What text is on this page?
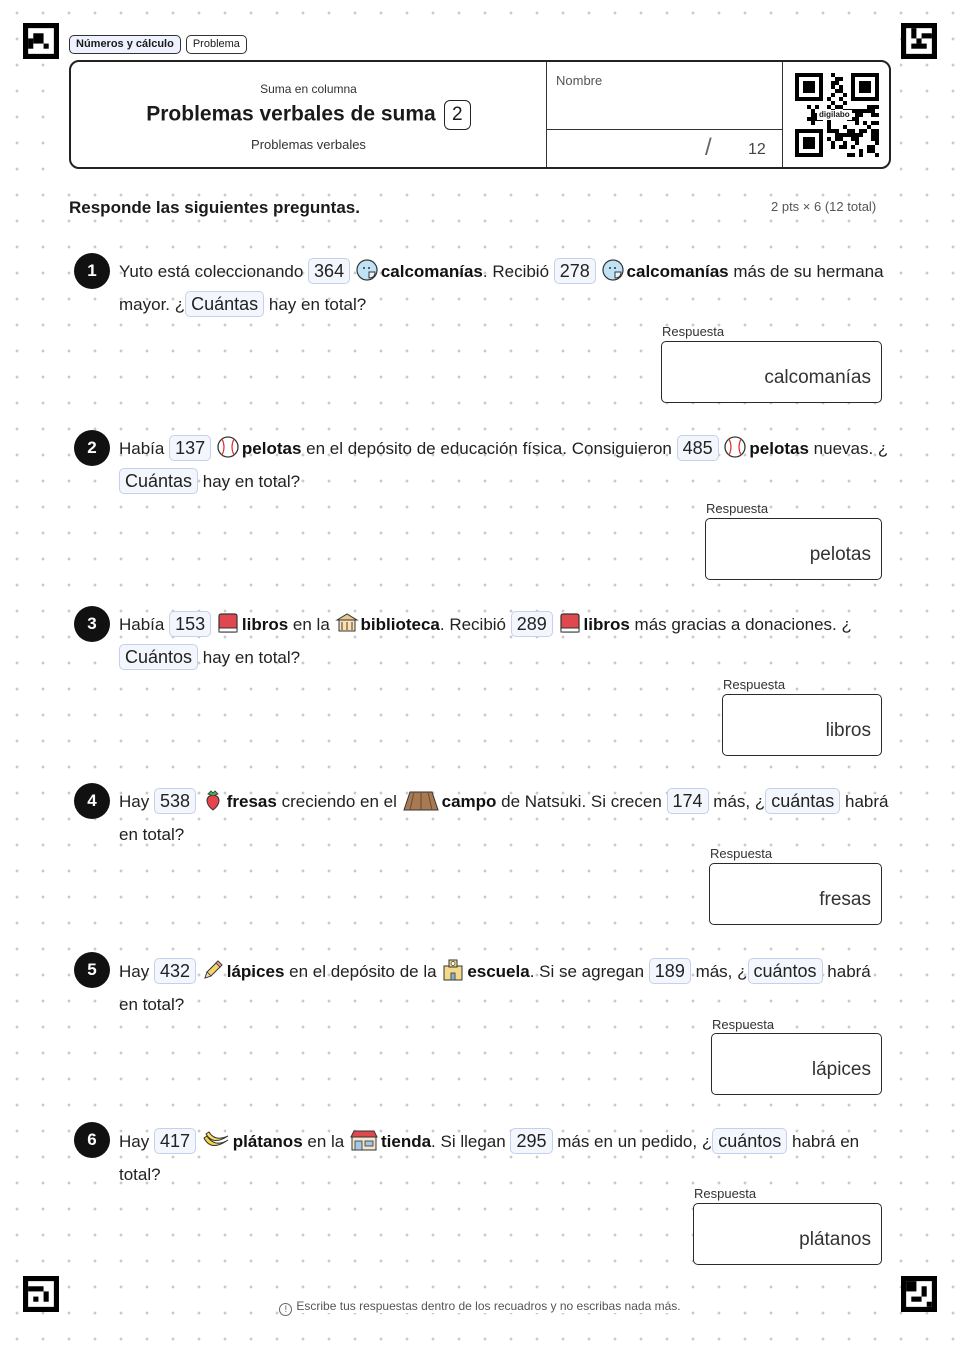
Números y cálculo	Problema
Suma en columna
Problemas verbales de suma 2
Problemas verbales
Nombre
/ 12
digilabo
Responde las siguientes preguntas.	2 pts × 6 (12 total)
1	Yuto está coleccionando 364 calcomanías. Recibió 278 calcomanías más de su hermana mayor. ¿ Cuántas hay en total?
Respuesta
calcomanías
2	Había 137 pelotas en el depósito de educación física. Consiguieron 485 pelotas nuevas. ¿Cuántas hay en total?
Respuesta
pelotas
3	Había 153 libros en la biblioteca. Recibió 289 libros más gracias a donaciones. ¿ Cuántos hay en total?
Respuesta
libros
4	Hay 538 fresas creciendo en el	campo de Natsuki. Si crecen 174 más, ¿ cuántas habrá en total?
Respuesta
fresas
5	Hay 432 lápices en el depósito de la escuela. Si se agregan 189 más, ¿ cuántos habrá en total?
Respuesta
lápices
6	Hay 417	plátanos en la tienda. Si llegan 295 más en un pedido, ¿ cuántos habrá en total?
Respuesta
plátanos
! Escribe tus respuestas dentro de los recuadros y no escribas nada más.
